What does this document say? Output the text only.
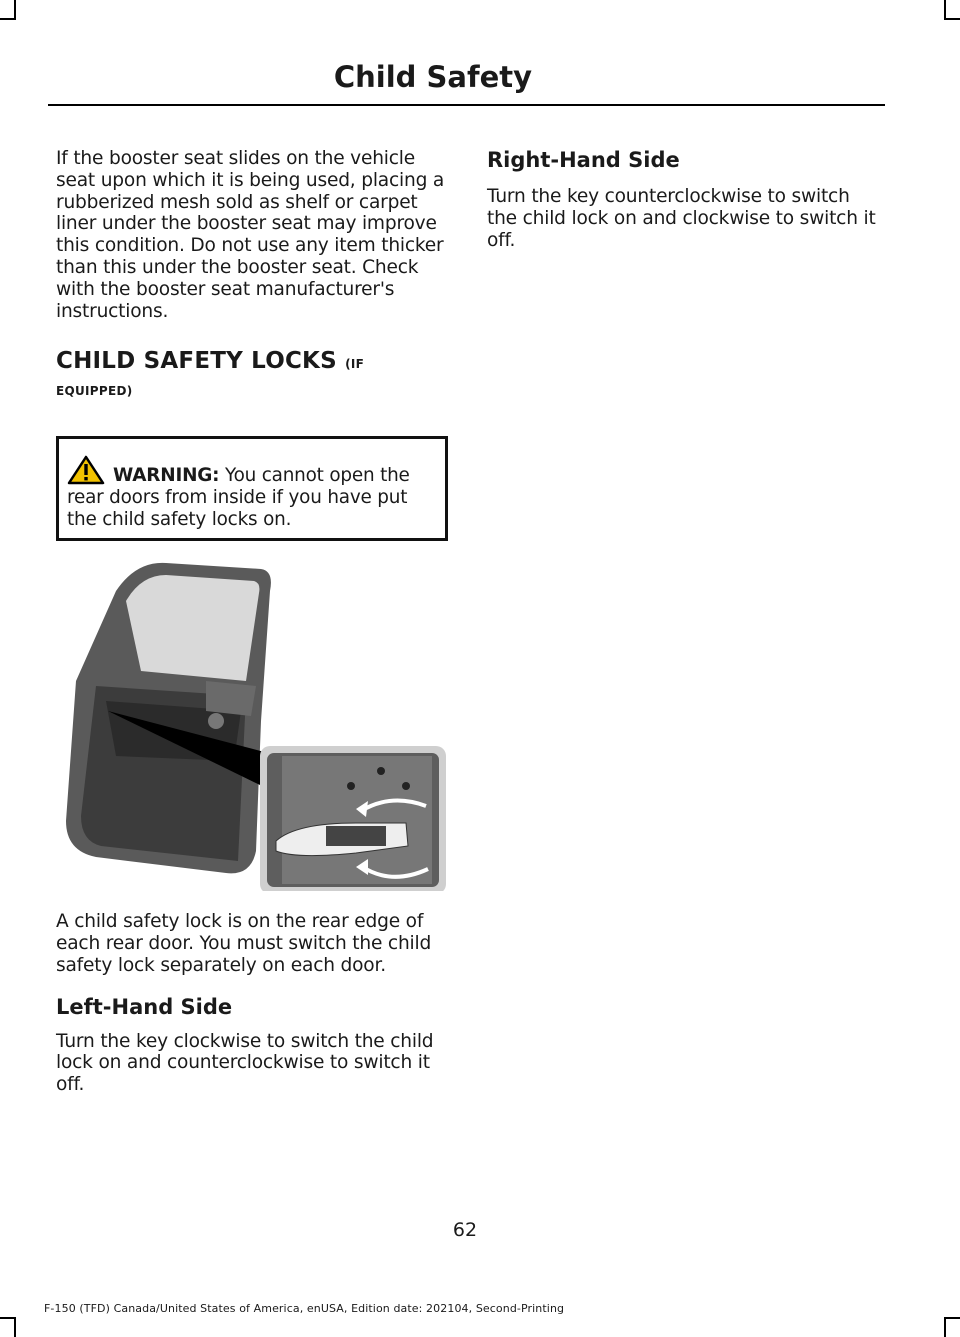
Child Safety

If the booster seat slides on the vehicle seat upon which it is being used, placing a rubberized mesh sold as shelf or carpet liner under the booster seat may improve this condition. Do not use any item thicker than this under the booster seat. Check with the booster seat manufacturer's instructions.

CHILD SAFETY LOCKS (IF
EQUIPPED)
WARNING: You cannot open the rear doors from inside if you have put the child safety locks on.

A child safety lock is on the rear edge of each rear door. You must switch the child safety lock separately on each door.

Left-Hand Side

Turn the key clockwise to switch the child lock on and counterclockwise to switch it off.

Right-Hand Side

Turn the key counterclockwise to switch the child lock on and clockwise to switch it off.

62
F-150 (TFD) Canada/United States of America, enUSA, Edition date: 202104, Second-Printing
